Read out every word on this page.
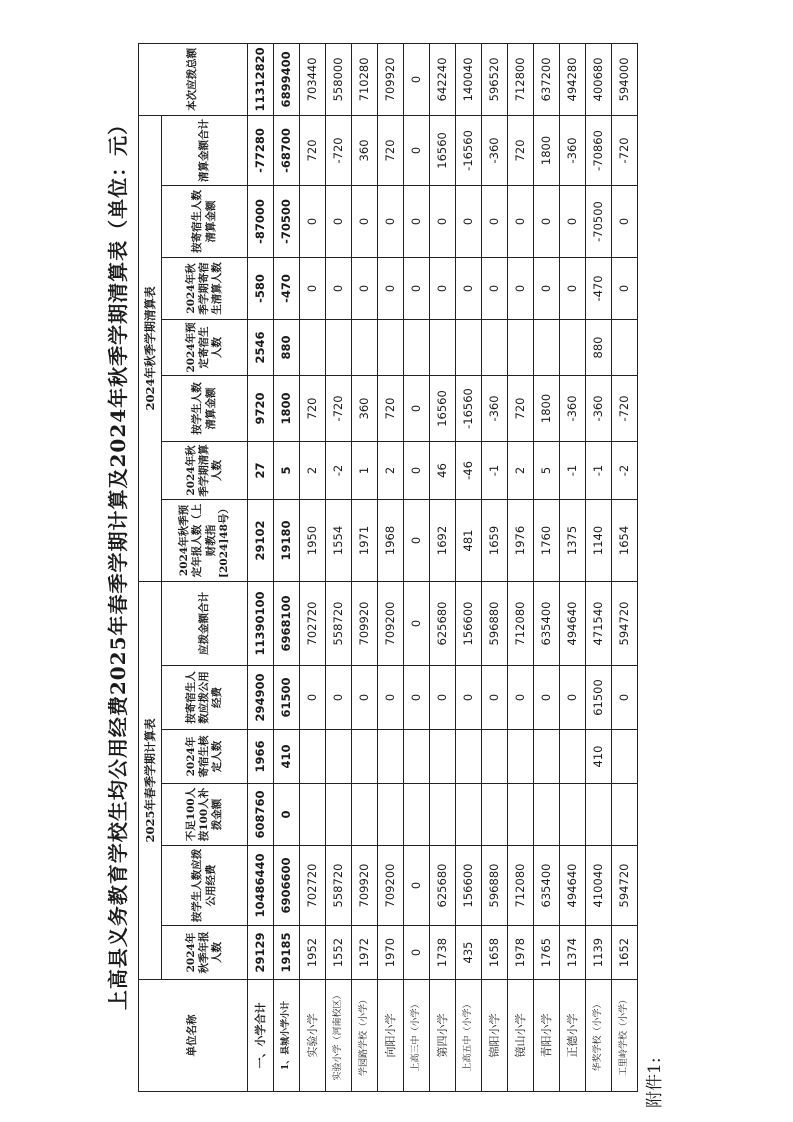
附件1:
上高县义务教育学校生均公用经费2025年春季学期计算及2024年秋季学期清算表（单位：元）
单位名称	2025年春季学期计算表						2024年秋季学期清算表							本次应拨总额
	2024年秋季年报人数	按学生人数应拨公用经费	不足100人按100人补拨金额	2024年寄宿生核定人数	按寄宿生人数应拨公用经费	应拨金额合计	2024年秋季预定年报人数（上财教指[2024]48号）	2024年秋季学期清算人数	按学生人数清算金额	2024年预定寄宿生人数	2024年秋季学期寄宿生清算人数	按寄宿生人数清算金额	清算金额合计	
一、小学合计	29129	10486440	608760	1966	294900	11390100	29102	27	9720	2546	-580	-87000	-77280	11312820
1、县城小学小计	19185	6906600	0	410	61500	6968100	19180	5	1800	880	-470	-70500	-68700	6899400
实验小学	1952	702720			0	702720	1950	2	720		0	0	720	703440
实验小学（河南校区）	1552	558720			0	558720	1554	-2	-720		0	0	-720	558000
学园路学校（小学）	1972	709920			0	709920	1971	1	360		0	0	360	710280
向阳小学	1970	709200			0	709200	1968	2	720		0	0	720	709920
上高三中（小学）	0	0			0	0	0	0	0		0	0	0	0
第四小学	1738	625680			0	625680	1692	46	16560		0	0	16560	642240
上高五中（小学）	435	156600			0	156600	481	-46	-16560		0	0	-16560	140040
锦阳小学	1658	596880			0	596880	1659	-1	-360		0	0	-360	596520
镜山小学	1978	712080			0	712080	1976	2	720		0	0	720	712800
青阳小学	1765	635400			0	635400	1760	5	1800		0	0	1800	637200
正德小学	1374	494640			0	494640	1375	-1	-360		0	0	-360	494280
华奖学校（小学）	1139	410040		410	61500	471540	1140	-1	-360	880	-470	-70500	-70860	400680
工里岭学校（小学）	1652	594720			0	594720	1654	-2	-720		0	0	-720	594000
